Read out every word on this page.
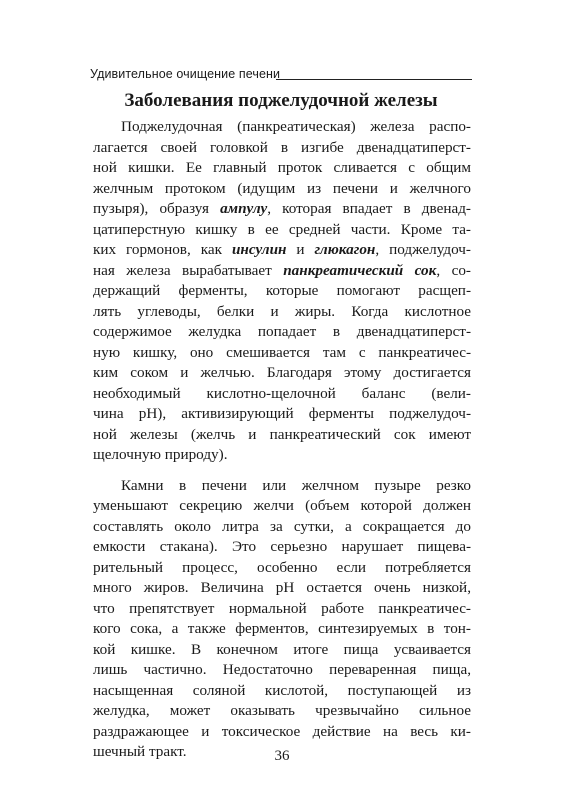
Удивительное очищение печени
Заболевания поджелудочной железы

Поджелудочная (панкреатическая) железа распо-
лагается своей головкой в изгибе двенадцатиперст-
ной кишки. Ее главный проток сливается с общим
желчным протоком (идущим из печени и желчного
пузыря), образуя ампулу, которая впадает в двенад-
цатиперстную кишку в ее средней части. Кроме та-
ких гормонов, как инсулин и глюкагон, поджелудоч-
ная железа вырабатывает панкреатический сок, со-
держащий ферменты, которые помогают расщеп-
лять углеводы, белки и жиры. Когда кислотное
содержимое желудка попадает в двенадцатиперст-
ную кишку, оно смешивается там с панкреатичес-
ким соком и желчью. Благодаря этому достигается
необходимый кислотно-щелочной баланс (вели-
чина pH), активизирующий ферменты поджелудоч-
ной железы (желчь и панкреатический сок имеют
щелочную природу).

Камни в печени или желчном пузыре резко
уменьшают секрецию желчи (объем которой должен
составлять около литра за сутки, а сокращается до
емкости стакана). Это серьезно нарушает пищева-
рительный процесс, особенно если потребляется
много жиров. Величина pH остается очень низкой,
что препятствует нормальной работе панкреатичес-
кого сока, а также ферментов, синтезируемых в тон-
кой кишке. В конечном итоге пища усваивается
лишь частично. Недостаточно переваренная пища,
насыщенная соляной кислотой, поступающей из
желудка, может оказывать чрезвычайно сильное
раздражающее и токсическое действие на весь ки-
шечный тракт.	36
